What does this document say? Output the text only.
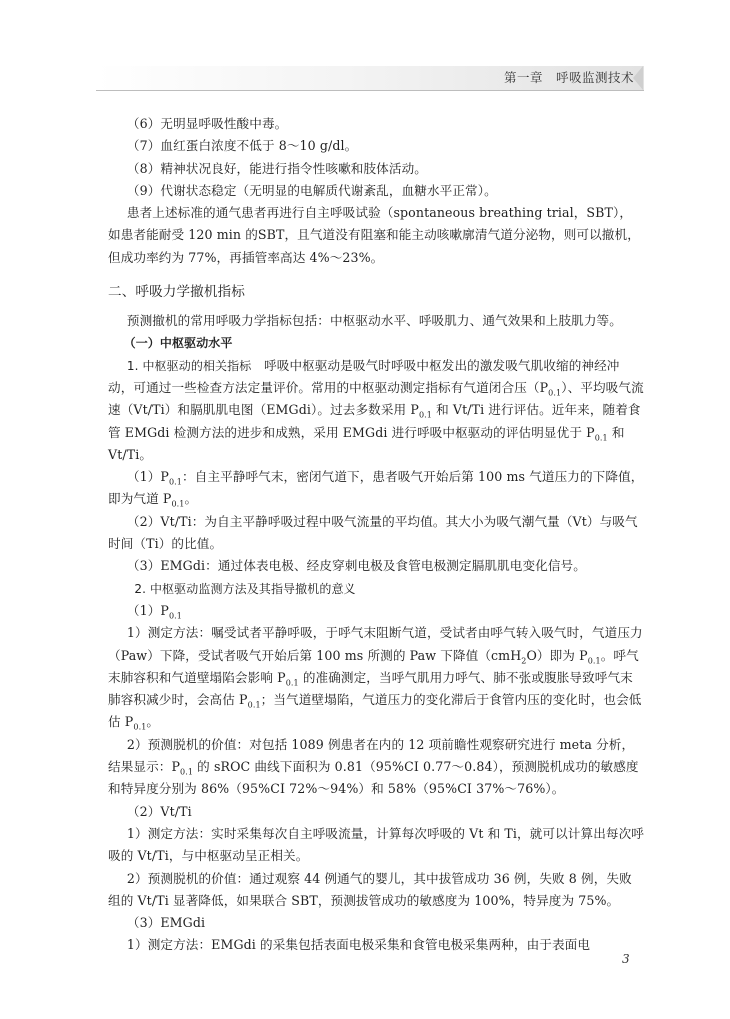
第一章　呼吸监测技术

（6）无明显呼吸性酸中毒。

（7）血红蛋白浓度不低于 8～10 g/dl。

（8）精神状况良好，能进行指令性咳嗽和肢体活动。

（9）代谢状态稳定（无明显的电解质代谢紊乱，血糖水平正常）。

患者上述标准的通气患者再进行自主呼吸试验（spontaneous breathing trial，SBT），如患者能耐受 120 min 的SBT，且气道没有阻塞和能主动咳嗽廓清气道分泌物，则可以撤机，但成功率约为 77%，再插管率高达 4%～23%。

二、呼吸力学撤机指标

预测撤机的常用呼吸力学指标包括：中枢驱动水平、呼吸肌力、通气效果和上肢肌力等。

（一）中枢驱动水平

1. 中枢驱动的相关指标　呼吸中枢驱动是吸气时呼吸中枢发出的激发吸气肌收缩的神经冲动，可通过一些检查方法定量评价。常用的中枢驱动测定指标有气道闭合压$(P_{0.1})$、平均吸气流速（Vt/Ti）和膈肌肌电图（EMGdi）。过去多数采用 $P_{0.1}$ 和 Vt/Ti 进行评估。近年来，随着食管 EMGdi 检测方法的进步和成熟，采用 EMGdi 进行呼吸中枢驱动的评估明显优于 $P_{0.1}$ 和 Vt/Ti。

$(1)P_{0.1}$：自主平静呼气末，密闭气道下，患者吸气开始后第 100 ms 气道压力的下降值，即为气道 $P_{0.1}$。

（2）Vt/Ti：为自主平静呼吸过程中吸气流量的平均值。其大小为吸气潮气量（Vt）与吸气时间（Ti）的比值。

（3）EMGdi：通过体表电极、经皮穿刺电极及食管电极测定膈肌肌电变化信号。

2. 中枢驱动监测方法及其指导撤机的意义

$(1)P_{0.1}$

1）测定方法：嘱受试者平静呼吸，于呼气末阻断气道，受试者由呼气转入吸气时，气道压力（Paw）下降，受试者吸气开始后第 100 ms 所测的 Paw 下降值（cmH$_2$O）即为 $P_{0.1}$。呼气末肺容积和气道壁塌陷会影响 $P_{0.1}$ 的准确测定，当呼气肌用力呼气、肺不张或腹胀导致呼气末肺容积减少时，会高估 $P_{0.1}$；当气道壁塌陷，气道压力的变化滞后于食管内压的变化时，也会低估 $P_{0.1}$。

2）预测脱机的价值：对包括 1089 例患者在内的 12 项前瞻性观察研究进行 meta 分析，结果显示：$P_{0.1}$ 的 sROC 曲线下面积为 0.81（95%CI 0.77～0.84），预测脱机成功的敏感度和特异度分别为 86%（95%CI 72%～94%）和 58%（95%CI 37%～76%）。

（2）Vt/Ti

1）测定方法：实时采集每次自主呼吸流量，计算每次呼吸的 Vt 和 Ti，就可以计算出每次呼吸的 Vt/Ti，与中枢驱动呈正相关。

2）预测脱机的价值：通过观察 44 例通气的婴儿，其中拔管成功 36 例，失败 8 例，失败组的 Vt/Ti 显著降低，如果联合 SBT，预测拔管成功的敏感度为 100%，特异度为 75%。

（3）EMGdi

1）测定方法：EMGdi 的采集包括表面电极采集和食管电极采集两种，由于表面电

3
